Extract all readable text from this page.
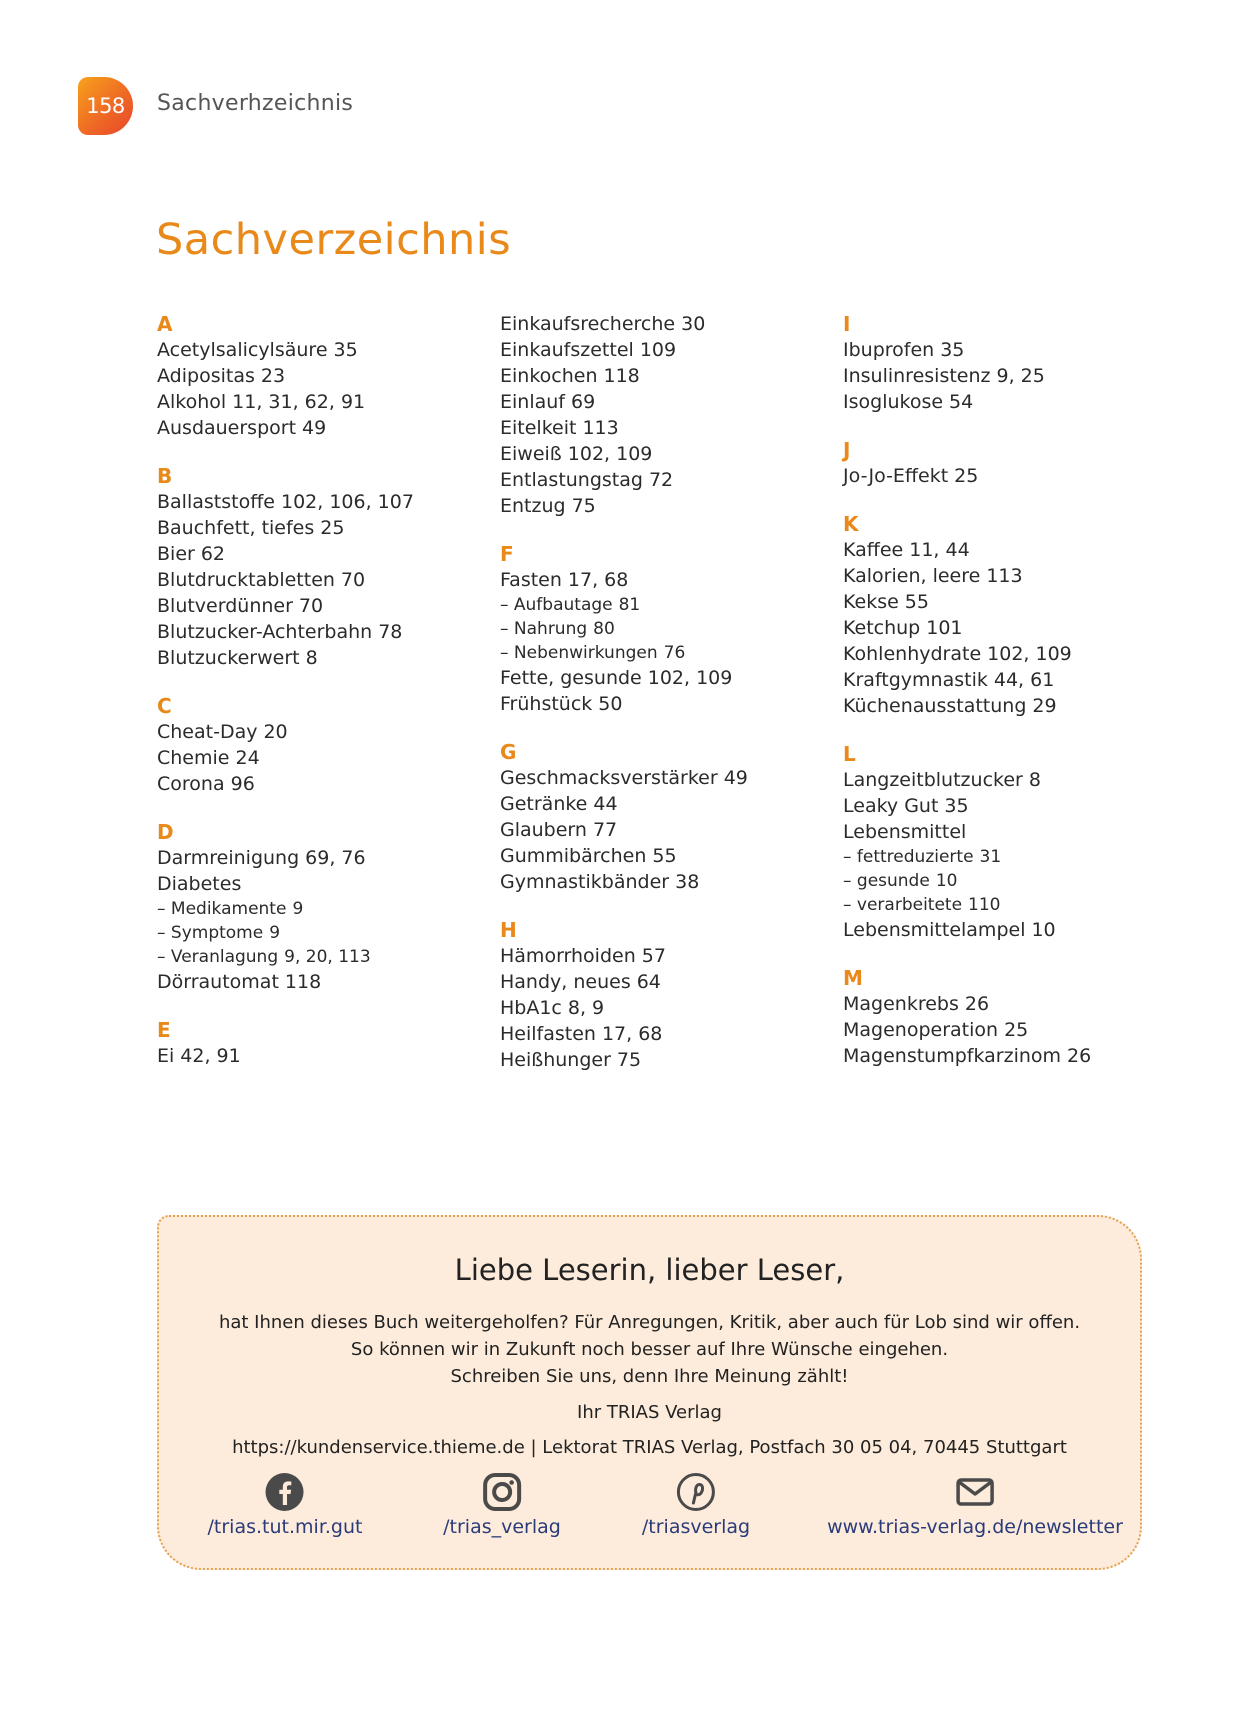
158	Sachverhzeichnis
Sachverzeichnis
A
Acetylsalicylsäure 35
Adipositas 23
Alkohol 11, 31, 62, 91
Ausdauersport 49
B
Ballaststoffe 102, 106, 107
Bauchfett, tiefes 25
Bier 62
Blutdrucktabletten 70
Blutverdünner 70
Blutzucker-Achterbahn 78
Blutzuckerwert 8
C
Cheat-Day 20
Chemie 24
Corona 96
D
Darmreinigung 69, 76
Diabetes
– Medikamente 9
– Symptome 9
– Veranlagung 9, 20, 113
Dörrautomat 118
E
Ei 42, 91
Einkaufsrecherche 30
Einkaufszettel 109
Einkochen 118
Einlauf 69
Eitelkeit 113
Eiweiß 102, 109
Entlastungstag 72
Entzug 75
F
Fasten 17, 68
– Aufbautage 81
– Nahrung 80
– Nebenwirkungen 76
Fette, gesunde 102, 109
Frühstück 50
G
Geschmacksverstärker 49
Getränke 44
Glaubern 77
Gummibärchen 55
Gymnastikbänder 38
H
Hämorrhoiden 57
Handy, neues 64
HbA1c 8, 9
Heilfasten 17, 68
Heißhunger 75
I
Ibuprofen 35
Insulinresistenz 9, 25
Isoglukose 54
J
Jo-Jo-Effekt 25
K
Kaffee 11, 44
Kalorien, leere 113
Kekse 55
Ketchup 101
Kohlenhydrate 102, 109
Kraftgymnastik 44, 61
Küchenausstattung 29
L
Langzeitblutzucker 8
Leaky Gut 35
Lebensmittel
– fettreduzierte 31
– gesunde 10
– verarbeitete 110
Lebensmittelampel 10
M
Magenkrebs 26
Magenoperation 25
Magenstumpfkarzinom 26
Liebe Leserin, lieber Leser,
hat Ihnen dieses Buch weitergeholfen? Für Anregungen, Kritik, aber auch für Lob sind wir offen.
So können wir in Zukunft noch besser auf Ihre Wünsche eingehen.
Schreiben Sie uns, denn Ihre Meinung zählt!
Ihr TRIAS Verlag
https://kundenservice.thieme.de | Lektorat TRIAS Verlag, Postfach 30 05 04, 70445 Stuttgart
/trias.tut.mir.gut	/trias_verlag	/triasverlag	www.trias-verlag.de/newsletter
